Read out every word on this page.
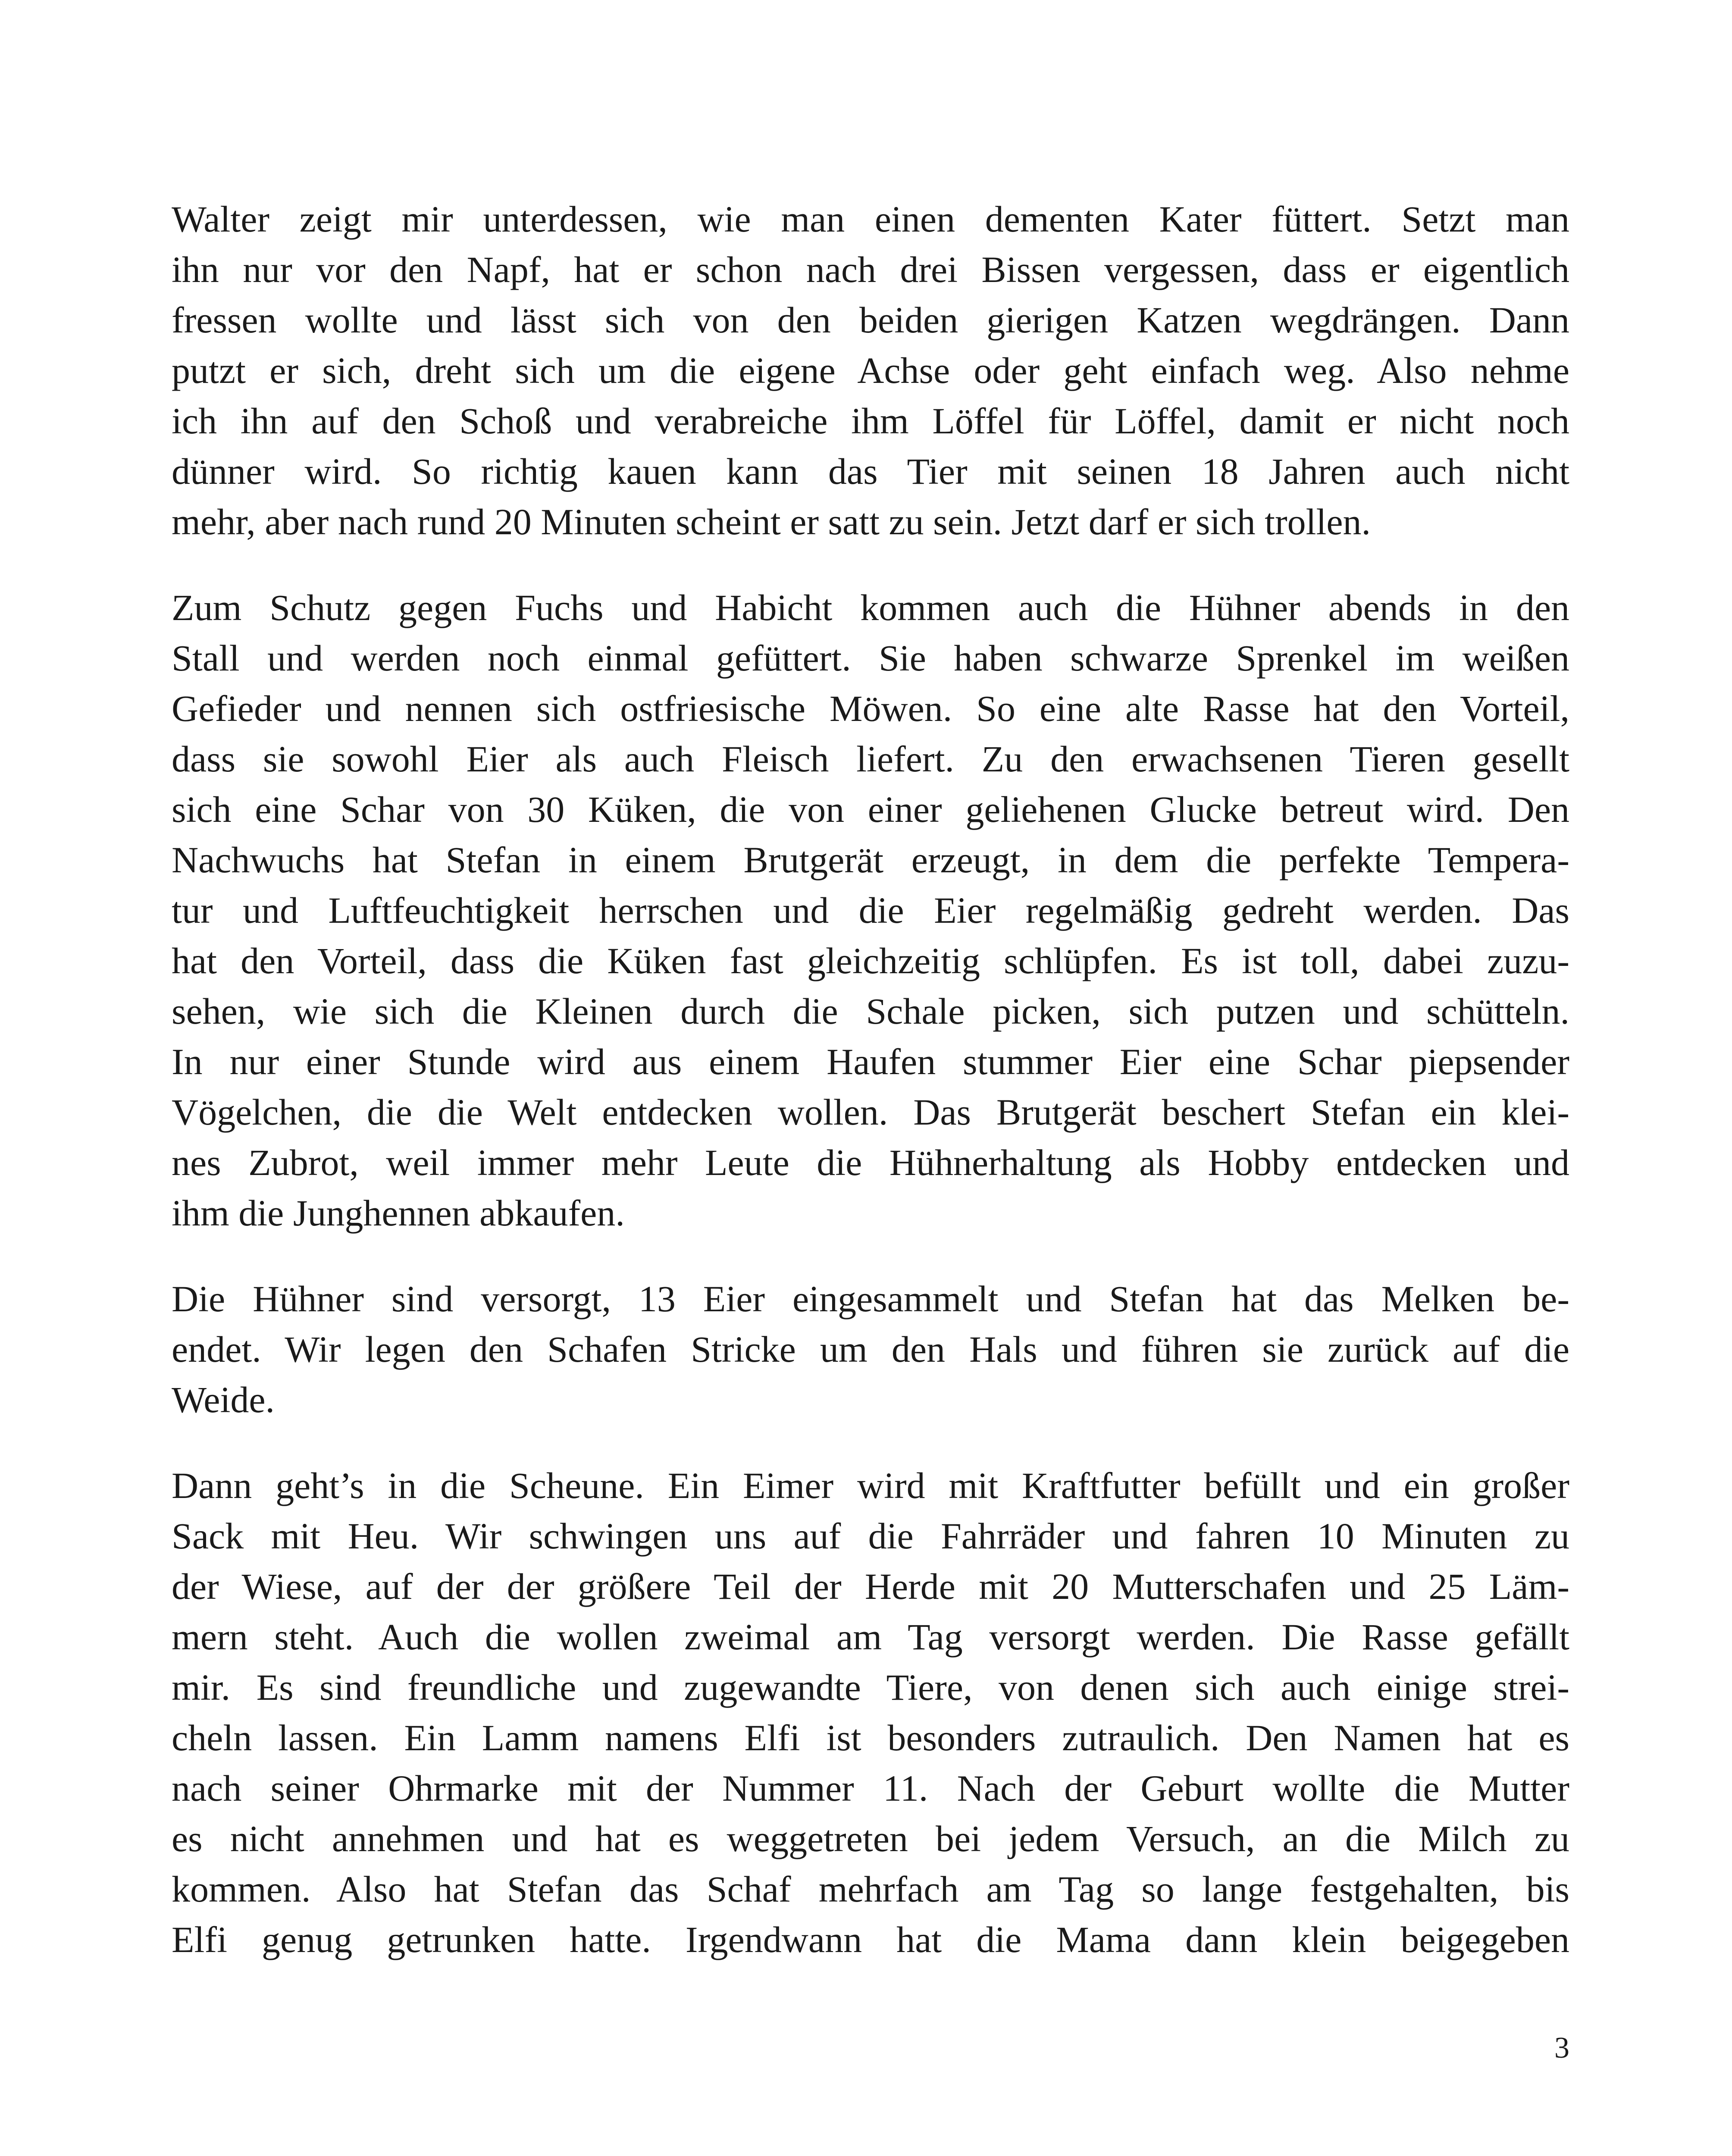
Walter zeigt mir unterdessen, wie man einen dementen Kater füttert. Setzt man
ihn nur vor den Napf, hat er schon nach drei Bissen vergessen, dass er eigentlich
fressen wollte und lässt sich von den beiden gierigen Katzen wegdrängen. Dann
putzt er sich, dreht sich um die eigene Achse oder geht einfach weg. Also nehme
ich ihn auf den Schoß und verabreiche ihm Löffel für Löffel, damit er nicht noch
dünner wird. So richtig kauen kann das Tier mit seinen 18 Jahren auch nicht
mehr, aber nach rund 20 Minuten scheint er satt zu sein. Jetzt darf er sich trollen.

Zum Schutz gegen Fuchs und Habicht kommen auch die Hühner abends in den
Stall und werden noch einmal gefüttert. Sie haben schwarze Sprenkel im weißen
Gefieder und nennen sich ostfriesische Möwen. So eine alte Rasse hat den Vorteil,
dass sie sowohl Eier als auch Fleisch liefert. Zu den erwachsenen Tieren gesellt
sich eine Schar von 30 Küken, die von einer geliehenen Glucke betreut wird. Den
Nachwuchs hat Stefan in einem Brutgerät erzeugt, in dem die perfekte Tempera-
tur und Luftfeuchtigkeit herrschen und die Eier regelmäßig gedreht werden. Das
hat den Vorteil, dass die Küken fast gleichzeitig schlüpfen. Es ist toll, dabei zuzu-
sehen, wie sich die Kleinen durch die Schale picken, sich putzen und schütteln.
In nur einer Stunde wird aus einem Haufen stummer Eier eine Schar piepsender
Vögelchen, die die Welt entdecken wollen. Das Brutgerät beschert Stefan ein klei-
nes Zubrot, weil immer mehr Leute die Hühnerhaltung als Hobby entdecken und
ihm die Junghennen abkaufen.

Die Hühner sind versorgt, 13 Eier eingesammelt und Stefan hat das Melken be-
endet. Wir legen den Schafen Stricke um den Hals und führen sie zurück auf die
Weide.

Dann geht’s in die Scheune. Ein Eimer wird mit Kraftfutter befüllt und ein großer
Sack mit Heu. Wir schwingen uns auf die Fahrräder und fahren 10 Minuten zu
der Wiese, auf der der größere Teil der Herde mit 20 Mutterschafen und 25 Läm-
mern steht. Auch die wollen zweimal am Tag versorgt werden. Die Rasse gefällt
mir. Es sind freundliche und zugewandte Tiere, von denen sich auch einige strei-
cheln lassen. Ein Lamm namens Elfi ist besonders zutraulich. Den Namen hat es
nach seiner Ohrmarke mit der Nummer 11. Nach der Geburt wollte die Mutter
es nicht annehmen und hat es weggetreten bei jedem Versuch, an die Milch zu
kommen. Also hat Stefan das Schaf mehrfach am Tag so lange festgehalten, bis
Elfi genug getrunken hatte. Irgendwann hat die Mama dann klein beigegeben

3
